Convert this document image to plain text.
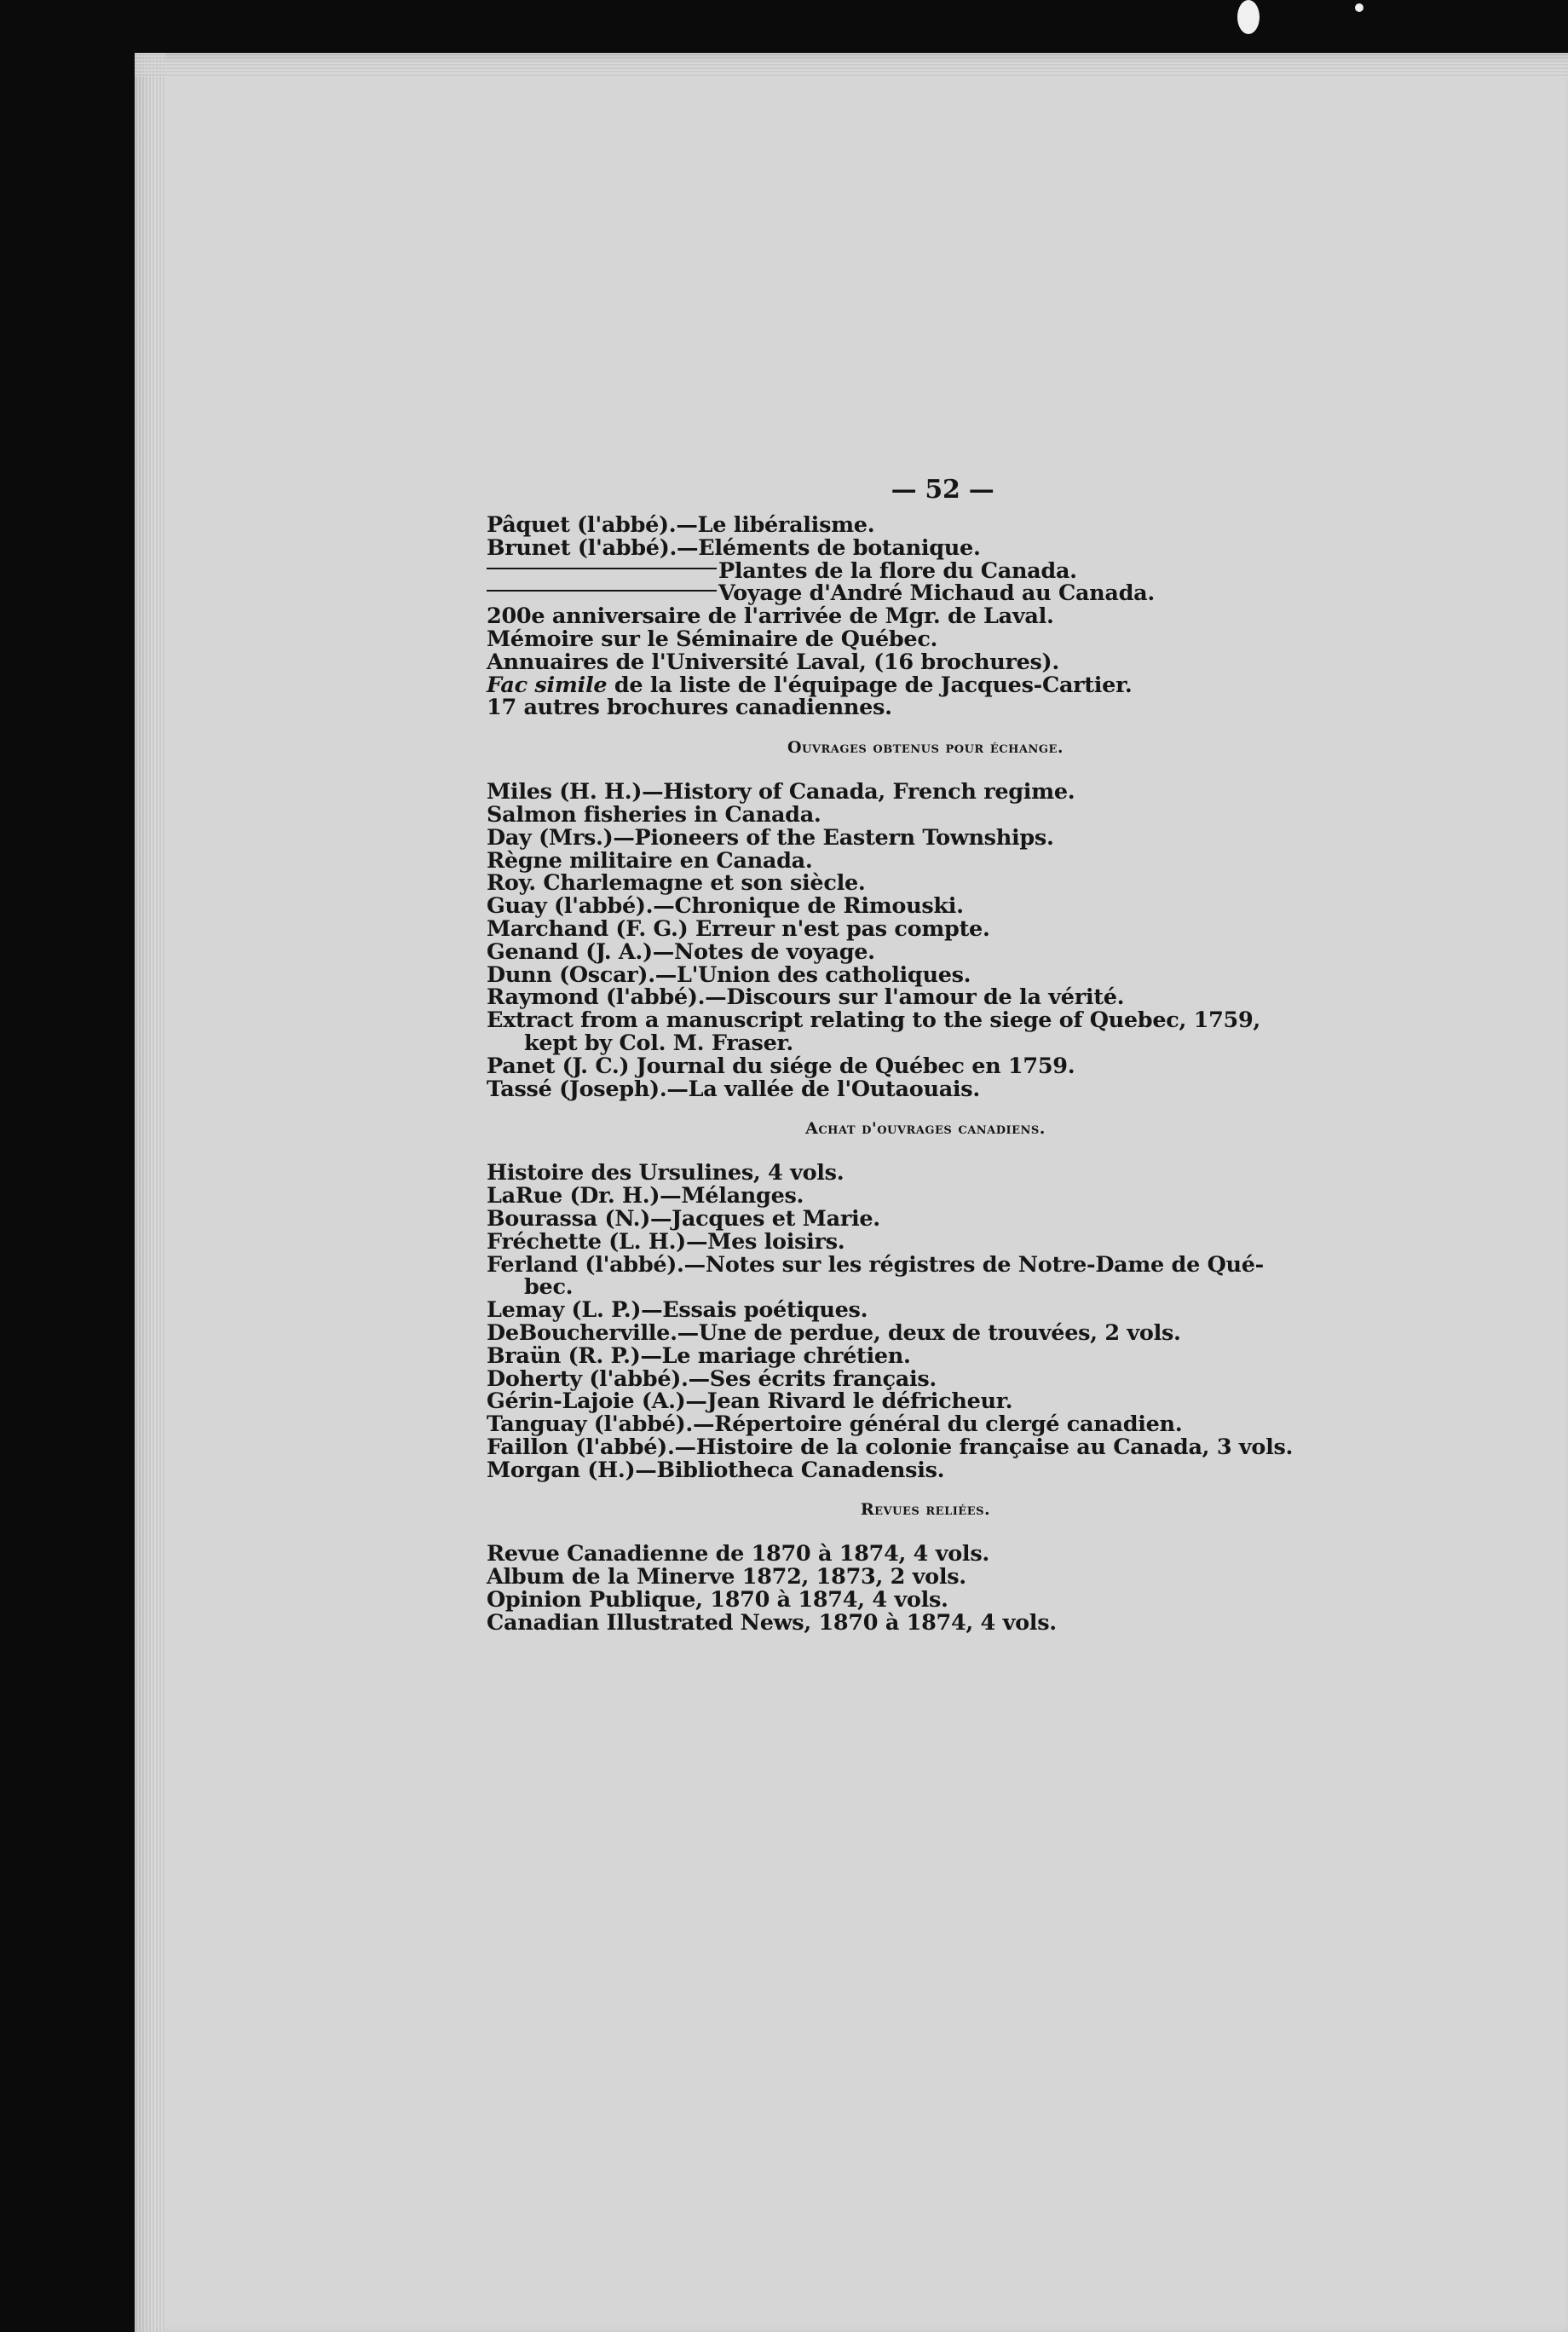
— 52 —
Pâquet (l'abbé).—Le libéralisme.
Brunet (l'abbé).—Eléments de botanique.
Plantes de la flore du Canada.
Voyage d'André Michaud au Canada.
200e anniversaire de l'arrivée de Mgr. de Laval.
Mémoire sur le Séminaire de Québec.
Annuaires de l'Université Laval, (16 brochures).
Fac simile de la liste de l'équipage de Jacques-Cartier.
17 autres brochures canadiennes.
Ouvrages obtenus pour échange.
Miles (H. H.)—History of Canada, French regime.
Salmon fisheries in Canada.
Day (Mrs.)—Pioneers of the Eastern Townships.
Règne militaire en Canada.
Roy. Charlemagne et son siècle.
Guay (l'abbé).—Chronique de Rimouski.
Marchand (F. G.) Erreur n'est pas compte.
Genand (J. A.)—Notes de voyage.
Dunn (Oscar).—L'Union des catholiques.
Raymond (l'abbé).—Discours sur l'amour de la vérité.
Extract from a manuscript relating to the siege of Quebec, 1759,
kept by Col. M. Fraser.
Panet (J. C.) Journal du siége de Québec en 1759.
Tassé (Joseph).—La vallée de l'Outaouais.
Achat d'ouvrages canadiens.
Histoire des Ursulines, 4 vols.
LaRue (Dr. H.)—Mélanges.
Bourassa (N.)—Jacques et Marie.
Fréchette (L. H.)—Mes loisirs.
Ferland (l'abbé).—Notes sur les régistres de Notre-Dame de Qué-
bec.
Lemay (L. P.)—Essais poétiques.
DeBoucherville.—Une de perdue, deux de trouvées, 2 vols.
Braün (R. P.)—Le mariage chrétien.
Doherty (l'abbé).—Ses écrits français.
Gérin-Lajoie (A.)—Jean Rivard le défricheur.
Tanguay (l'abbé).—Répertoire général du clergé canadien.
Faillon (l'abbé).—Histoire de la colonie française au Canada, 3 vols.
Morgan (H.)—Bibliotheca Canadensis.
Revues reliées.
Revue Canadienne de 1870 à 1874, 4 vols.
Album de la Minerve 1872, 1873, 2 vols.
Opinion Publique, 1870 à 1874, 4 vols.
Canadian Illustrated News, 1870 à 1874, 4 vols.
